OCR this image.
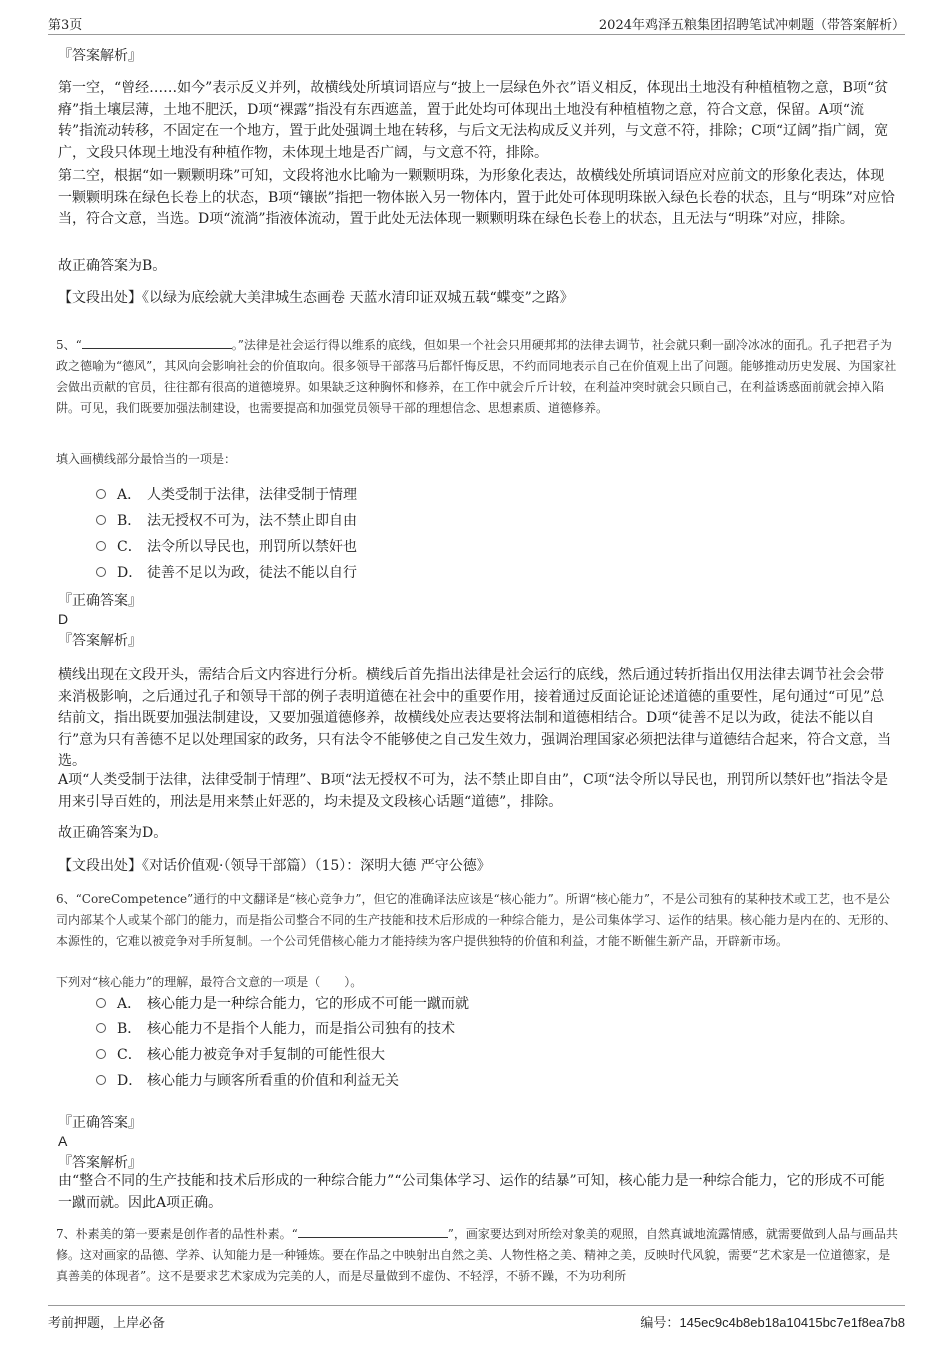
第3页	2024年鸡泽五粮集团招聘笔试冲刺题（带答案解析）
『答案解析』
第一空，“曾经……如今”表示反义并列，故横线处所填词语应与“披上一层绿色外衣”语义相反，体现出土地没有种植植物之意，B项“贫瘠”指土壤层薄，土地不肥沃，D项“裸露”指没有东西遮盖，置于此处均可体现出土地没有种植植物之意，符合文意，保留。A项“流转”指流动转移，不固定在一个地方，置于此处强调土地在转移，与后文无法构成反义并列，与文意不符，排除；C项“辽阔”指广阔，宽广，文段只体现土地没有种植作物，未体现土地是否广阔，与文意不符，排除。
第二空，根据“如一颗颗明珠”可知，文段将池水比喻为一颗颗明珠，为形象化表达，故横线处所填词语应对应前文的形象化表达，体现一颗颗明珠在绿色长卷上的状态，B项“镶嵌”指把一物体嵌入另一物体内，置于此处可体现明珠嵌入绿色长卷的状态，且与“明珠”对应恰当，符合文意，当选。D项“流淌”指液体流动，置于此处无法体现一颗颗明珠在绿色长卷上的状态，且无法与“明珠”对应，排除。
故正确答案为B。
【文段出处】《以绿为底绘就大美津城生态画卷 天蓝水清印证双城五载“蝶变”之路》
5、“	。”法律是社会运行得以维系的底线，但如果一个社会只用硬邦邦的法律去调节，社会就只剩一副冷冰冰的面孔。孔子把君子为政之德喻为“德风”，其风向会影响社会的价值取向。很多领导干部落马后都忏悔反思，不约而同地表示自己在价值观上出了问题。能够推动历史发展、为国家社会做出贡献的官员，往往都有很高的道德境界。如果缺乏这种胸怀和修养，在工作中就会斤斤计较，在利益冲突时就会只顾自己，在利益诱惑面前就会掉入陷阱。可见，我们既要加强法制建设，也需要提高和加强党员领导干部的理想信念、思想素质、道德修养。
填入画横线部分最恰当的一项是：
A． 人类受制于法律，法律受制于情理
B． 法无授权不可为，法不禁止即自由
C． 法令所以导民也，刑罚所以禁奸也
D． 徒善不足以为政，徒法不能以自行
『正确答案』
D
『答案解析』
横线出现在文段开头，需结合后文内容进行分析。横线后首先指出法律是社会运行的底线，然后通过转折指出仅用法律去调节社会会带来消极影响，之后通过孔子和领导干部的例子表明道德在社会中的重要作用，接着通过反面论证论述道德的重要性，尾句通过“可见”总结前文，指出既要加强法制建设，又要加强道德修养，故横线处应表达要将法制和道德相结合。D项“徒善不足以为政，徒法不能以自行”意为只有善德不足以处理国家的政务，只有法令不能够使之自己发生效力，强调治理国家必须把法律与道德结合起来，符合文意，当选。
A项“人类受制于法律，法律受制于情理”、B项“法无授权不可为，法不禁止即自由”，C项“法令所以导民也，刑罚所以禁奸也”指法令是用来引导百姓的，刑法是用来禁止奸恶的，均未提及文段核心话题“道德”，排除。
故正确答案为D。
【文段出处】《对话价值观·（领导干部篇）（15）：深明大德 严守公德》
6、“CoreCompetence”通行的中文翻译是“核心竞争力”，但它的准确译法应该是“核心能力”。所谓“核心能力”，不是公司独有的某种技术或工艺，也不是公司内部某个人或某个部门的能力，而是指公司整合不同的生产技能和技术后形成的一种综合能力，是公司集体学习、运作的结果。核心能力是内在的、无形的、本源性的，它难以被竞争对手所复制。一个公司凭借核心能力才能持续为客户提供独特的价值和利益，才能不断催生新产品，开辟新市场。
下列对“核心能力”的理解，最符合文意的一项是（　　）。
A． 核心能力是一种综合能力，它的形成不可能一蹴而就
B． 核心能力不是指个人能力，而是指公司独有的技术
C． 核心能力被竞争对手复制的可能性很大
D． 核心能力与顾客所看重的价值和利益无关
『正确答案』
A
『答案解析』
由“整合不同的生产技能和技术后形成的一种综合能力”“公司集体学习、运作的结暴”可知，核心能力是一种综合能力，它的形成不可能一蹴而就。因此A项正确。
7、朴素美的第一要素是创作者的品性朴素。“	”，画家要达到对所绘对象美的观照，自然真诚地流露情感，就需要做到人品与画品共修。这对画家的品德、学养、认知能力是一种锤炼。要在作品之中映射出自然之美、人物性格之美、精神之美，反映时代风貌，需要“艺术家是一位道德家，是真善美的体现者”。这不是要求艺术家成为完美的人，而是尽量做到不虚伪、不轻浮，不骄不躁，不为功利所
考前押题，上岸必备	编号：145ec9c4b8eb18a10415bc7e1f8ea7b8
